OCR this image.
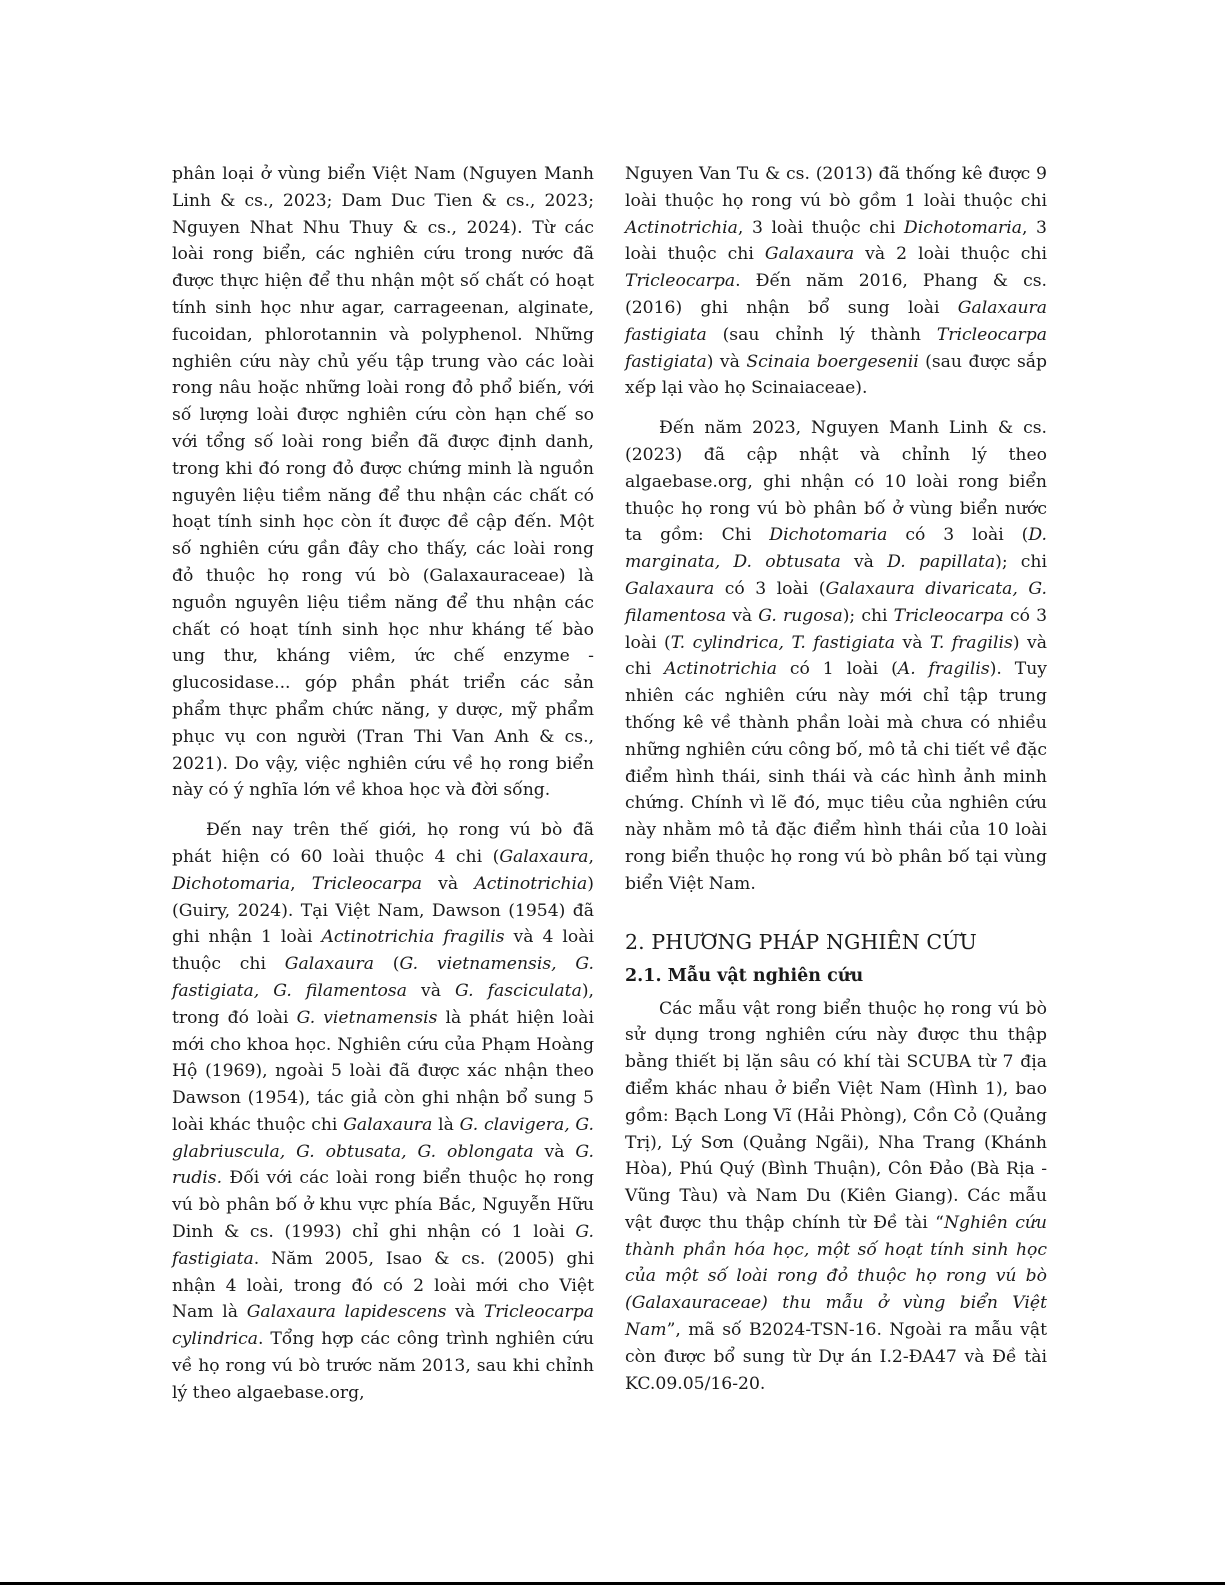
phân loại ở vùng biển Việt Nam (Nguyen Manh Linh & cs., 2023; Dam Duc Tien & cs., 2023; Nguyen Nhat Nhu Thuy & cs., 2024). Từ các loài rong biển, các nghiên cứu trong nước đã được thực hiện để thu nhận một số chất có hoạt tính sinh học như agar, carrageenan, alginate, fucoidan, phlorotannin và polyphenol. Những nghiên cứu này chủ yếu tập trung vào các loài rong nâu hoặc những loài rong đỏ phổ biến, với số lượng loài được nghiên cứu còn hạn chế so với tổng số loài rong biển đã được định danh, trong khi đó rong đỏ được chứng minh là nguồn nguyên liệu tiềm năng để thu nhận các chất có hoạt tính sinh học còn ít được đề cập đến. Một số nghiên cứu gần đây cho thấy, các loài rong đỏ thuộc họ rong vú bò (Galaxauraceae) là nguồn nguyên liệu tiềm năng để thu nhận các chất có hoạt tính sinh học như kháng tế bào ung thư, kháng viêm, ức chế enzyme -glucosidase... góp phần phát triển các sản phẩm thực phẩm chức năng, y dược, mỹ phẩm phục vụ con người (Tran Thi Van Anh & cs., 2021). Do vậy, việc nghiên cứu về họ rong biển này có ý nghĩa lớn về khoa học và đời sống.

Đến nay trên thế giới, họ rong vú bò đã phát hiện có 60 loài thuộc 4 chi (Galaxaura, Dichotomaria, Tricleocarpa và Actinotrichia) (Guiry, 2024). Tại Việt Nam, Dawson (1954) đã ghi nhận 1 loài Actinotrichia fragilis và 4 loài thuộc chi Galaxaura (G. vietnamensis, G. fastigiata, G. filamentosa và G. fasciculata), trong đó loài G. vietnamensis là phát hiện loài mới cho khoa học. Nghiên cứu của Phạm Hoàng Hộ (1969), ngoài 5 loài đã được xác nhận theo Dawson (1954), tác giả còn ghi nhận bổ sung 5 loài khác thuộc chi Galaxaura là G. clavigera, G. glabriuscula, G. obtusata, G. oblongata và G. rudis. Đối với các loài rong biển thuộc họ rong vú bò phân bố ở khu vực phía Bắc, Nguyễn Hữu Dinh & cs. (1993) chỉ ghi nhận có 1 loài G. fastigiata. Năm 2005, Isao & cs. (2005) ghi nhận 4 loài, trong đó có 2 loài mới cho Việt Nam là Galaxaura lapidescens và Tricleocarpa cylindrica. Tổng hợp các công trình nghiên cứu về họ rong vú bò trước năm 2013, sau khi chỉnh lý theo algaebase.org,

Nguyen Van Tu & cs. (2013) đã thống kê được 9 loài thuộc họ rong vú bò gồm 1 loài thuộc chi Actinotrichia, 3 loài thuộc chi Dichotomaria, 3 loài thuộc chi Galaxaura và 2 loài thuộc chi Tricleocarpa. Đến năm 2016, Phang & cs. (2016) ghi nhận bổ sung loài Galaxaura fastigiata (sau chỉnh lý thành Tricleocarpa fastigiata) và Scinaia boergesenii (sau được sắp xếp lại vào họ Scinaiaceae).

Đến năm 2023, Nguyen Manh Linh & cs. (2023) đã cập nhật và chỉnh lý theo algaebase.org, ghi nhận có 10 loài rong biển thuộc họ rong vú bò phân bố ở vùng biển nước ta gồm: Chi Dichotomaria có 3 loài (D. marginata, D. obtusata và D. papillata); chi Galaxaura có 3 loài (Galaxaura divaricata, G. filamentosa và G. rugosa); chi Tricleocarpa có 3 loài (T. cylindrica, T. fastigiata và T. fragilis) và chi Actinotrichia có 1 loài (A. fragilis). Tuy nhiên các nghiên cứu này mới chỉ tập trung thống kê về thành phần loài mà chưa có nhiều những nghiên cứu công bố, mô tả chi tiết về đặc điểm hình thái, sinh thái và các hình ảnh minh chứng. Chính vì lẽ đó, mục tiêu của nghiên cứu này nhằm mô tả đặc điểm hình thái của 10 loài rong biển thuộc họ rong vú bò phân bố tại vùng biển Việt Nam.

2. PHƯƠNG PHÁP NGHIÊN CỨU
2.1. Mẫu vật nghiên cứu

Các mẫu vật rong biển thuộc họ rong vú bò sử dụng trong nghiên cứu này được thu thập bằng thiết bị lặn sâu có khí tài SCUBA từ 7 địa điểm khác nhau ở biển Việt Nam (Hình 1), bao gồm: Bạch Long Vĩ (Hải Phòng), Cồn Cỏ (Quảng Trị), Lý Sơn (Quảng Ngãi), Nha Trang (Khánh Hòa), Phú Quý (Bình Thuận), Côn Đảo (Bà Rịa - Vũng Tàu) và Nam Du (Kiên Giang). Các mẫu vật được thu thập chính từ Đề tài “Nghiên cứu thành phần hóa học, một số hoạt tính sinh học của một số loài rong đỏ thuộc họ rong vú bò (Galaxauraceae) thu mẫu ở vùng biển Việt Nam”, mã số B2024-TSN-16. Ngoài ra mẫu vật còn được bổ sung từ Dự án I.2-ĐA47 và Đề tài KC.09.05/16-20.
